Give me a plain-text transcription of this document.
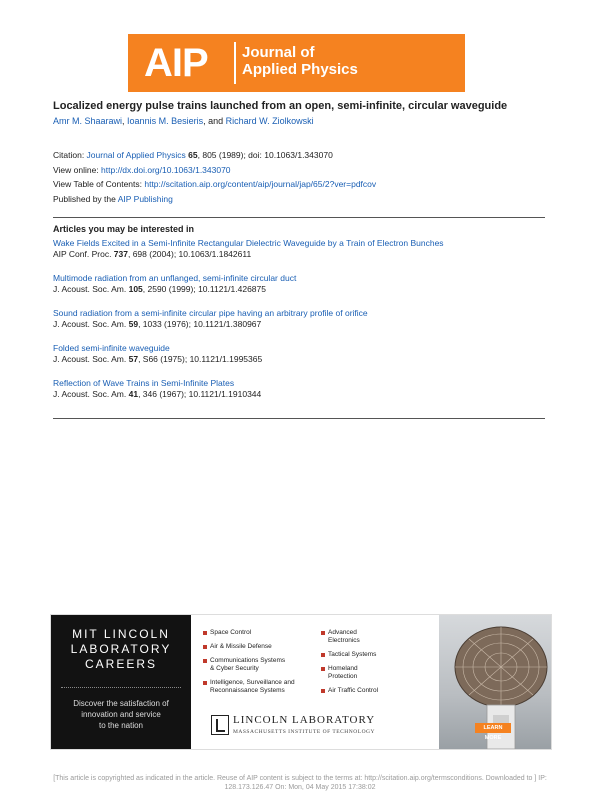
AIP Journal of
Applied Physics
Localized energy pulse trains launched from an open, semi-infinite, circular waveguide
Amr M. Shaarawi, Ioannis M. Besieris, and Richard W. Ziolkowski
Citation: Journal of Applied Physics 65, 805 (1989); doi: 10.1063/1.343070
View online: http://dx.doi.org/10.1063/1.343070
View Table of Contents: http://scitation.aip.org/content/aip/journal/jap/65/2?ver=pdfcov
Published by the AIP Publishing
Articles you may be interested in
Wake Fields Excited in a Semi-Infinite Rectangular Dielectric Waveguide by a Train of Electron Bunches
AIP Conf. Proc. 737, 698 (2004); 10.1063/1.1842611
Multimode radiation from an unflanged, semi-infinite circular duct
J. Acoust. Soc. Am. 105, 2590 (1999); 10.1121/1.426875
Sound radiation from a semi-infinite circular pipe having an arbitrary profile of orifice
J. Acoust. Soc. Am. 59, 1033 (1976); 10.1121/1.380967
Folded semi-infinite waveguide
J. Acoust. Soc. Am. 57, S66 (1975); 10.1121/1.1995365
Reflection of Wave Trains in Semi-Infinite Plates
J. Acoust. Soc. Am. 41, 346 (1967); 10.1121/1.1910344
MIT LINCOLN
LABORATORY
CAREERS
Discover the satisfaction of
innovation and service
to the nation
Space Control
Air & Missile Defense
Communications Systems
& Cyber Security
Intelligence, Surveillance and
Reconnaissance Systems
Advanced
Electronics
Tactical Systems
Homeland
Protection
Air Traffic Control
LINCOLN LABORATORY
MASSACHUSETTS INSTITUTE OF TECHNOLOGY
LEARN MORE
[This article is copyrighted as indicated in the article. Reuse of AIP content is subject to the terms at: http://scitation.aip.org/termsconditions. Downloaded to ] IP:
128.173.126.47 On: Mon, 04 May 2015 17:38:02
